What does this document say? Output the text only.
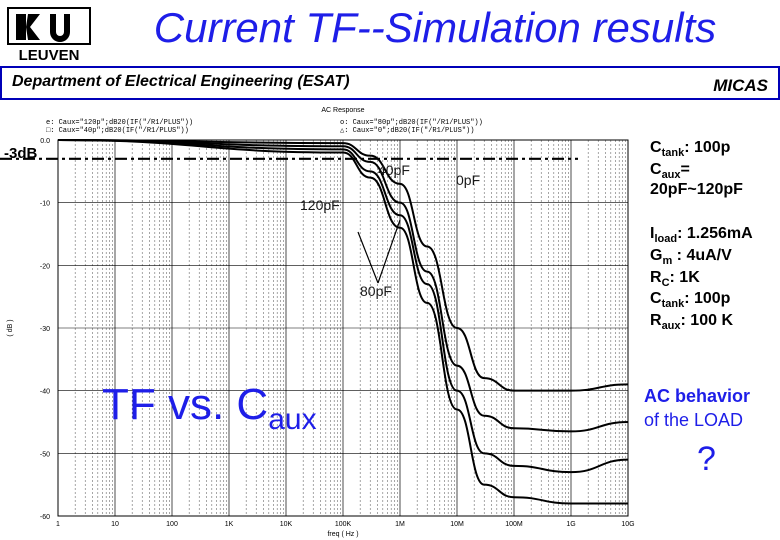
LEUVEN
Current TF--Simulation results
Department of Electrical Engineering (ESAT)	MICAS
AC Response
e: Caux="120p";dB20(IF("/R1/PLUS"))
□: Caux="40p";dB20(IF("/R1/PLUS"))
o: Caux="80p";dB20(IF("/R1/PLUS"))
△: Caux="0";dB20(IF("/R1/PLUS"))
0.0
-10
-20
-30
-40
-50
-60
1	10	100	1K	10K	100K	1M	10M	100M	1G	10G
freq ( Hz )
( dB )
-3dB
40pF
0pF
120pF
80pF
TF vs. $C_{aux}$
$C_{tank}$: 100p
$C_{aux}=$
20pF~120pF
$I_{load}$: 1.256mA
$G_m$ : 4uA/V
$R_C$: 1K
$C_{tank}$: 100p
$R_{aux}$: 100 K
AC behavior
of the LOAD
?
